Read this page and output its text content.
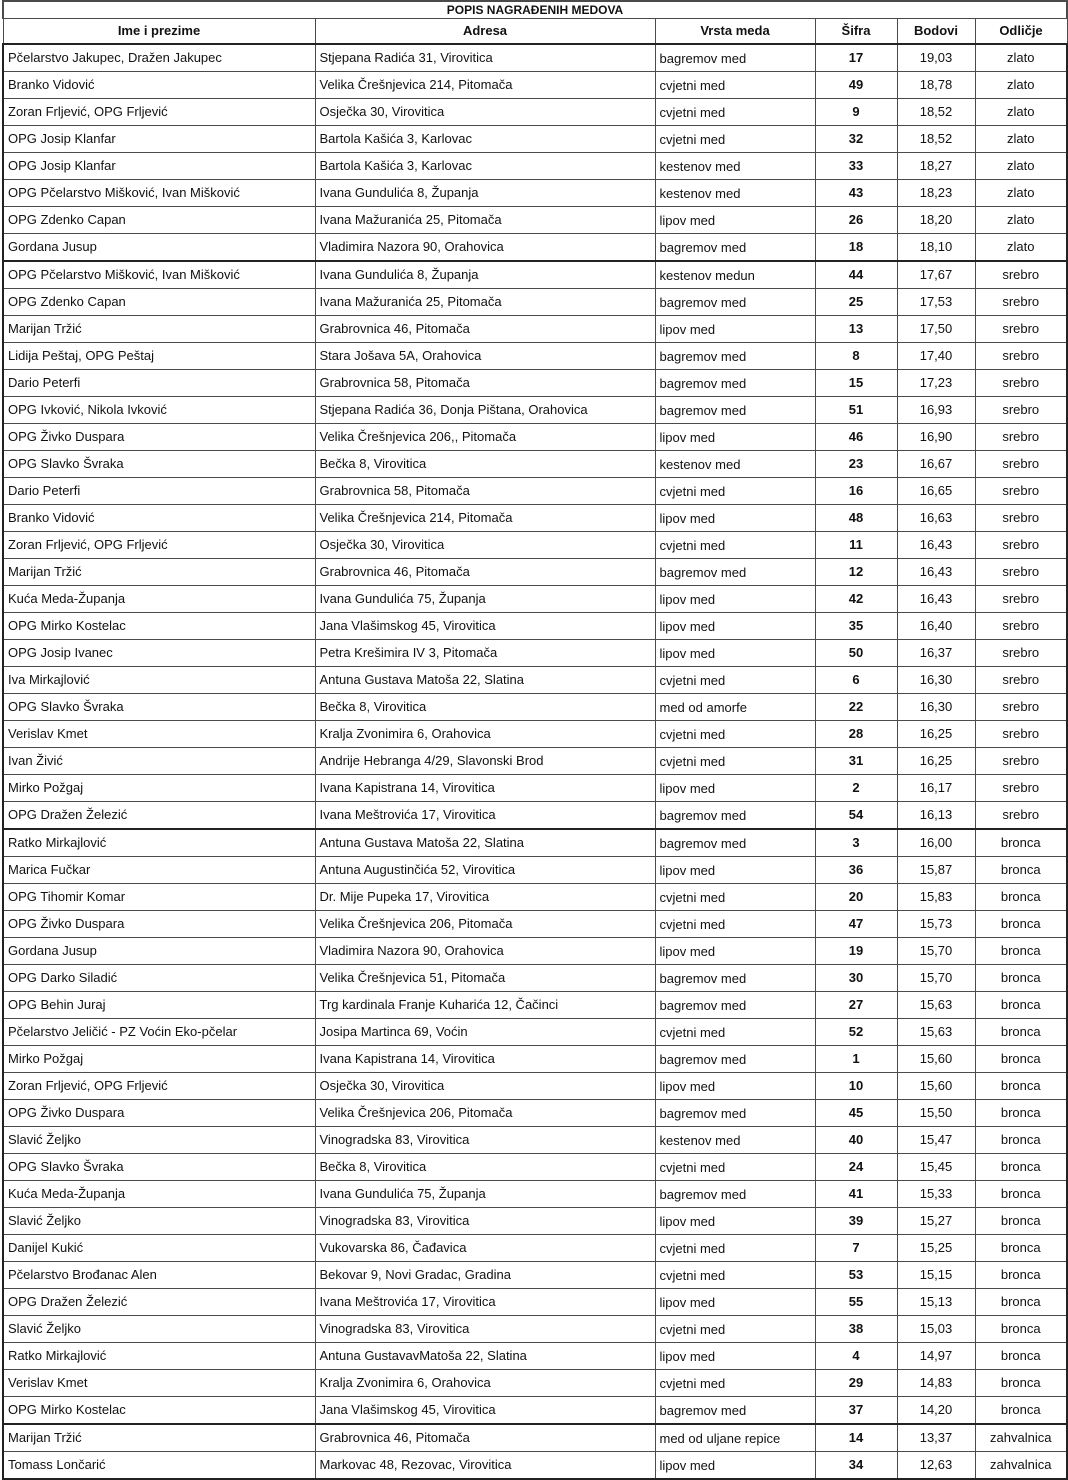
POPIS NAGRAĐENIH MEDOVA					
Ime i prezime	Adresa	Vrsta meda	Šifra	Bodovi	Odličje
Pčelarstvo Jakupec, Dražen Jakupec	Stjepana Radića 31, Virovitica	bagremov med	17	19,03	zlato
Branko Vidović	Velika Črešnjevica 214, Pitomača	cvjetni med	49	18,78	zlato
Zoran Frljević, OPG Frljević	Osječka 30, Virovitica	cvjetni med	9	18,52	zlato
OPG Josip Klanfar	Bartola Kašića 3, Karlovac	cvjetni med	32	18,52	zlato
OPG Josip Klanfar	Bartola Kašića 3, Karlovac	kestenov med	33	18,27	zlato
OPG Pčelarstvo Mišković, Ivan Mišković	Ivana Gundulića 8, Županja	kestenov med	43	18,23	zlato
OPG Zdenko Capan	Ivana Mažuranića 25, Pitomača	lipov med	26	18,20	zlato
Gordana Jusup	Vladimira Nazora 90, Orahovica	bagremov med	18	18,10	zlato
OPG Pčelarstvo Mišković, Ivan Mišković	Ivana Gundulića 8, Županja	kestenov medun	44	17,67	srebro
OPG Zdenko Capan	Ivana Mažuranića 25, Pitomača	bagremov med	25	17,53	srebro
Marijan Tržić	Grabrovnica 46, Pitomača	lipov med	13	17,50	srebro
Lidija Peštaj, OPG Peštaj	Stara Jošava 5A, Orahovica	bagremov med	8	17,40	srebro
Dario Peterfi	Grabrovnica 58, Pitomača	bagremov med	15	17,23	srebro
OPG Ivković, Nikola Ivković	Stjepana Radića 36, Donja Pištana, Orahovica	bagremov med	51	16,93	srebro
OPG Živko Duspara	Velika Črešnjevica 206,, Pitomača	lipov med	46	16,90	srebro
OPG Slavko Švraka	Bečka 8, Virovitica	kestenov med	23	16,67	srebro
Dario Peterfi	Grabrovnica 58, Pitomača	cvjetni med	16	16,65	srebro
Branko Vidović	Velika Črešnjevica 214, Pitomača	lipov med	48	16,63	srebro
Zoran Frljević, OPG Frljević	Osječka 30, Virovitica	cvjetni med	11	16,43	srebro
Marijan Tržić	Grabrovnica 46, Pitomača	bagremov med	12	16,43	srebro
Kuća Meda-Županja	Ivana Gundulića 75, Županja	lipov med	42	16,43	srebro
OPG Mirko Kostelac	Jana Vlašimskog 45, Virovitica	lipov med	35	16,40	srebro
OPG Josip Ivanec	Petra Krešimira IV 3, Pitomača	lipov med	50	16,37	srebro
Iva Mirkajlović	Antuna Gustava Matoša 22, Slatina	cvjetni med	6	16,30	srebro
OPG Slavko Švraka	Bečka 8, Virovitica	med od amorfe	22	16,30	srebro
Verislav Kmet	Kralja Zvonimira 6, Orahovica	cvjetni med	28	16,25	srebro
Ivan Živić	Andrije Hebranga 4/29, Slavonski Brod	cvjetni med	31	16,25	srebro
Mirko Požgaj	Ivana Kapistrana 14, Virovitica	lipov med	2	16,17	srebro
OPG Dražen Železić	Ivana Meštrovića 17, Virovitica	bagremov med	54	16,13	srebro
Ratko Mirkajlović	Antuna Gustava Matoša 22, Slatina	bagremov med	3	16,00	bronca
Marica Fučkar	Antuna Augustinčića 52, Virovitica	lipov med	36	15,87	bronca
OPG Tihomir Komar	Dr. Mije Pupeka 17, Virovitica	cvjetni med	20	15,83	bronca
OPG Živko Duspara	Velika Črešnjevica 206, Pitomača	cvjetni med	47	15,73	bronca
Gordana Jusup	Vladimira Nazora 90, Orahovica	lipov med	19	15,70	bronca
OPG Darko Siladić	Velika Črešnjevica 51, Pitomača	bagremov med	30	15,70	bronca
OPG Behin Juraj	Trg kardinala Franje Kuharića 12, Čačinci	bagremov med	27	15,63	bronca
Pčelarstvo Jeličić - PZ Voćin Eko-pčelar	Josipa Martinca 69, Voćin	cvjetni med	52	15,63	bronca
Mirko Požgaj	Ivana Kapistrana 14, Virovitica	bagremov med	1	15,60	bronca
Zoran Frljević, OPG Frljević	Osječka 30, Virovitica	lipov med	10	15,60	bronca
OPG Živko Duspara	Velika Črešnjevica 206, Pitomača	bagremov med	45	15,50	bronca
Slavić Željko	Vinogradska 83, Virovitica	kestenov med	40	15,47	bronca
OPG Slavko Švraka	Bečka 8, Virovitica	cvjetni med	24	15,45	bronca
Kuća Meda-Županja	Ivana Gundulića 75, Županja	bagremov med	41	15,33	bronca
Slavić Željko	Vinogradska 83, Virovitica	lipov med	39	15,27	bronca
Danijel Kukić	Vukovarska 86, Čađavica	cvjetni med	7	15,25	bronca
Pčelarstvo Brođanac Alen	Bekovar 9, Novi Gradac, Gradina	cvjetni med	53	15,15	bronca
OPG Dražen Železić	Ivana Meštrovića 17, Virovitica	lipov med	55	15,13	bronca
Slavić Željko	Vinogradska 83, Virovitica	cvjetni med	38	15,03	bronca
Ratko Mirkajlović	Antuna GustavavMatoša 22, Slatina	lipov med	4	14,97	bronca
Verislav Kmet	Kralja Zvonimira 6, Orahovica	cvjetni med	29	14,83	bronca
OPG Mirko Kostelac	Jana Vlašimskog 45, Virovitica	bagremov med	37	14,20	bronca
Marijan Tržić	Grabrovnica 46, Pitomača	med od uljane repice	14	13,37	zahvalnica
Tomass Lončarić	Markovac 48, Rezovac, Virovitica	lipov med	34	12,63	zahvalnica
